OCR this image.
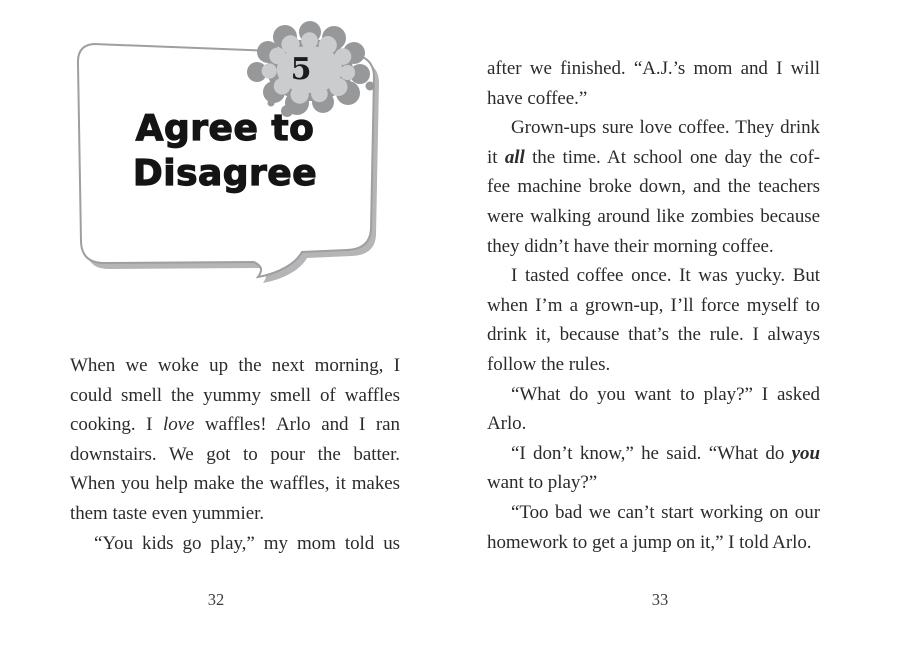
5
Agree to
Disagree
When we woke up the next morning, I
could smell the yummy smell of waffles
cooking. I love waffles! Arlo and I ran
downstairs. We got to pour the batter.
When you help make the waffles, it makes
them taste even yummier.
“You kids go play,” my mom told us
32
after we finished. “A.J.’s mom and I will
have coffee.”
Grown-ups sure love coffee. They drink
it all the time. At school one day the cof-
fee machine broke down, and the teachers
were walking around like zombies because
they didn’t have their morning coffee.
I tasted coffee once. It was yucky. But
when I’m a grown-up, I’ll force myself to
drink it, because that’s the rule. I always
follow the rules.
“What do you want to play?” I asked
Arlo.
“I don’t know,” he said. “What do you
want to play?”
“Too bad we can’t start working on our
homework to get a jump on it,” I told Arlo.
33
